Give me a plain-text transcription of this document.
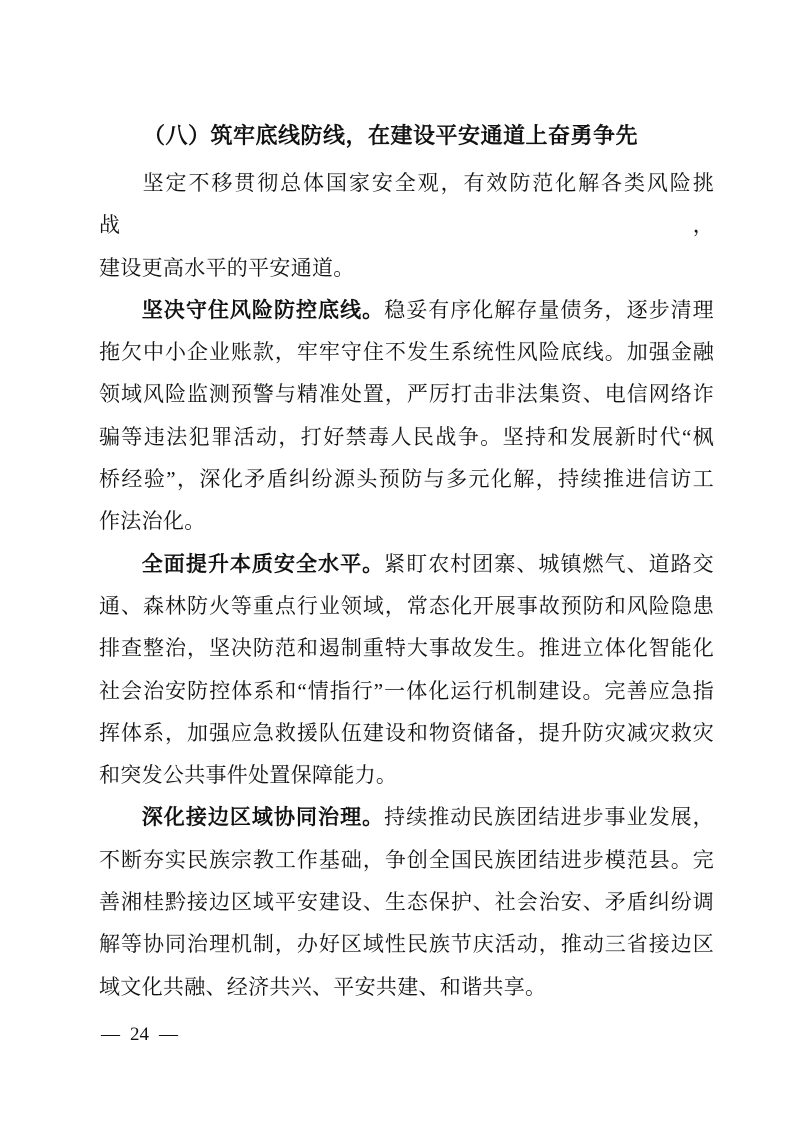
（八）筑牢底线防线，在建设平安通道上奋勇争先
坚定不移贯彻总体国家安全观，有效防范化解各类风险挑战，
建设更高水平的平安通道。
坚决守住风险防控底线。稳妥有序化解存量债务，逐步清理
拖欠中小企业账款，牢牢守住不发生系统性风险底线。加强金融
领域风险监测预警与精准处置，严厉打击非法集资、电信网络诈
骗等违法犯罪活动，打好禁毒人民战争。坚持和发展新时代“枫
桥经验”，深化矛盾纠纷源头预防与多元化解，持续推进信访工
作法治化。
全面提升本质安全水平。紧盯农村团寨、城镇燃气、道路交
通、森林防火等重点行业领域，常态化开展事故预防和风险隐患
排查整治，坚决防范和遏制重特大事故发生。推进立体化智能化
社会治安防控体系和“情指行”一体化运行机制建设。完善应急指
挥体系，加强应急救援队伍建设和物资储备，提升防灾减灾救灾
和突发公共事件处置保障能力。
深化接边区域协同治理。持续推动民族团结进步事业发展，
不断夯实民族宗教工作基础，争创全国民族团结进步模范县。完
善湘桂黔接边区域平安建设、生态保护、社会治安、矛盾纠纷调
解等协同治理机制，办好区域性民族节庆活动，推动三省接边区
域文化共融、经济共兴、平安共建、和谐共享。
— 24 —
